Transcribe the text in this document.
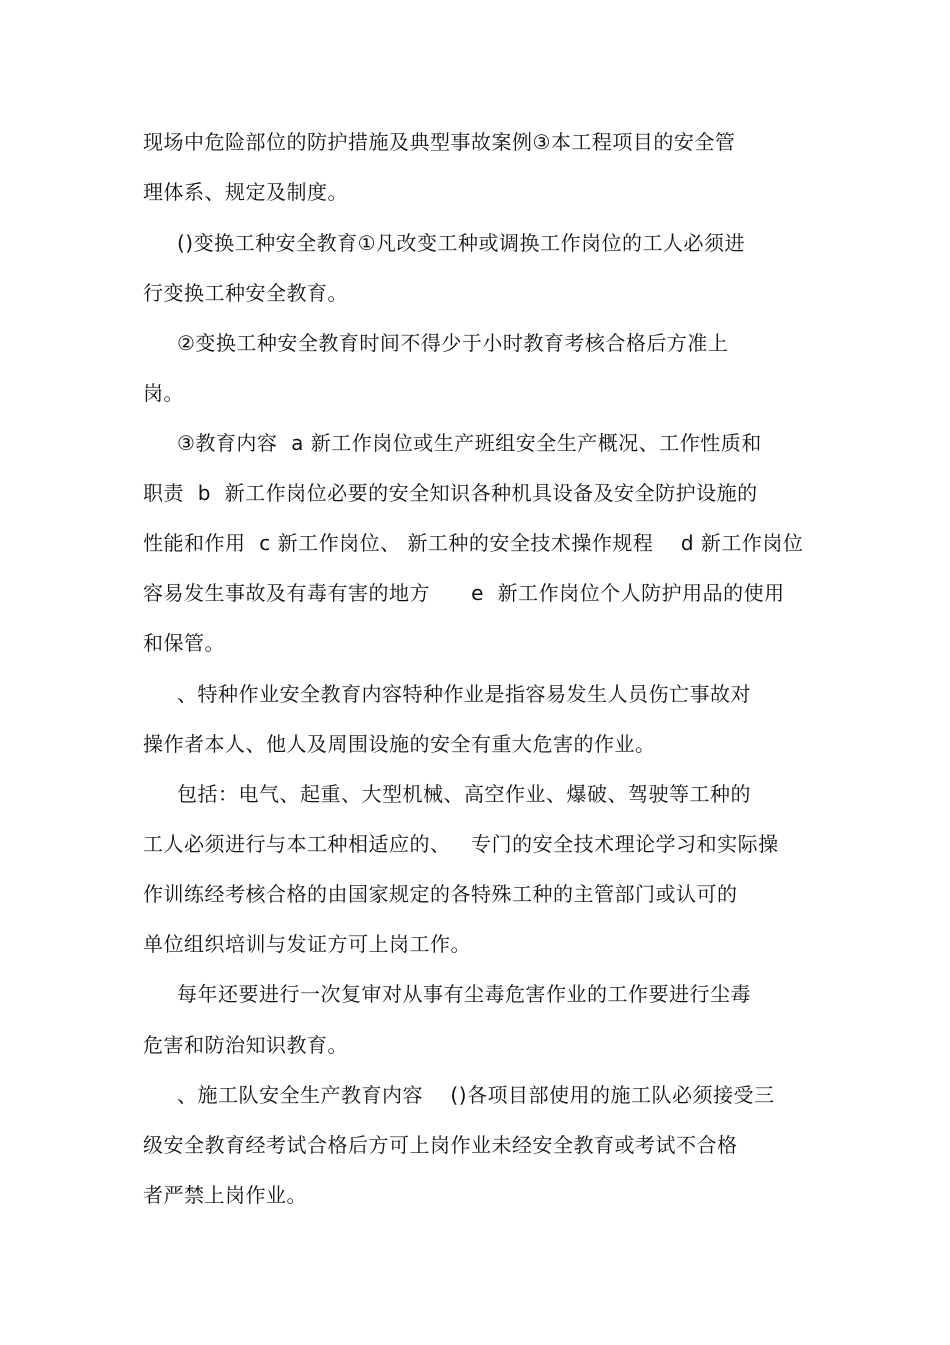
现场中危险部位的防护措施及典型事故案例③本工程项目的安全管
理体系、规定及制度。
()变换工种安全教育①凡改变工种或调换工作岗位的工人必须进
行变换工种安全教育。
②变换工种安全教育时间不得少于小时教育考核合格后方准上
岗。
③教育内容  a 新工作岗位或生产班组安全生产概况、工作性质和
职责  b  新工作岗位必要的安全知识各种机具设备及安全防护设施的
性能和作用  c 新工作岗位、 新工种的安全技术操作规程    d 新工作岗位
容易发生事故及有毒有害的地方      e  新工作岗位个人防护用品的使用
和保管。
、特种作业安全教育内容特种作业是指容易发生人员伤亡事故对
操作者本人、他人及周围设施的安全有重大危害的作业。
包括：电气、起重、大型机械、高空作业、爆破、驾驶等工种的
工人必须进行与本工种相适应的、   专门的安全技术理论学习和实际操
作训练经考核合格的由国家规定的各特殊工种的主管部门或认可的
单位组织培训与发证方可上岗工作。
每年还要进行一次复审对从事有尘毒危害作业的工作要进行尘毒
危害和防治知识教育。
、施工队安全生产教育内容    ()各项目部使用的施工队必须接受三
级安全教育经考试合格后方可上岗作业未经安全教育或考试不合格
者严禁上岗作业。
